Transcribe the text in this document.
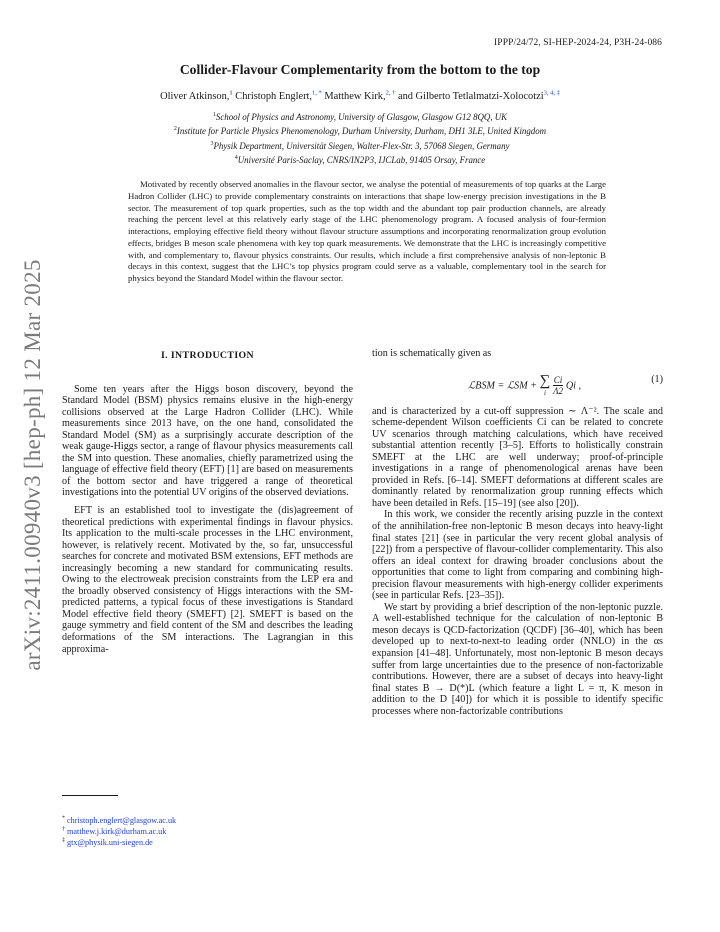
IPPP/24/72, SI-HEP-2024-24, P3H-24-086
arXiv:2411.00940v3 [hep-ph] 12 Mar 2025
Collider-Flavour Complementarity from the bottom to the top
Oliver Atkinson,$^1$ Christoph Englert,$^{1, *}$ Matthew Kirk,$^{2, \dagger}$ and Gilberto Tetlalmatzi-Xolocotzi$^{3, 4, \ddagger}$
$^1$School of Physics and Astronomy, University of Glasgow, Glasgow G12 8QQ, UK
$^2$Institute for Particle Physics Phenomenology, Durham University, Durham, DH1 3LE, United Kingdom
$^3$Physik Department, Universität Siegen, Walter-Flex-Str. 3, 57068 Siegen, Germany
$^4$Université Paris-Saclay, CNRS/IN2P3, IJCLab, 91405 Orsay, France
Motivated by recently observed anomalies in the flavour sector, we analyse the potential of measurements of top quarks at the Large Hadron Collider (LHC) to provide complementary constraints on interactions that shape low-energy precision investigations in the B sector. The measurement of top quark properties, such as the top width and the abundant top pair production channels, are already reaching the percent level at this relatively early stage of the LHC phenomenology program. A focused analysis of four-fermion interactions, employing effective field theory without flavour structure assumptions and incorporating renormalization group evolution effects, bridges B meson scale phenomena with key top quark measurements. We demonstrate that the LHC is increasingly competitive with, and complementary to, flavour physics constraints. Our results, which include a first comprehensive analysis of non-leptonic B decays in this context, suggest that the LHC’s top physics program could serve as a valuable, complementary tool in the search for physics beyond the Standard Model within the flavour sector.
I. INTRODUCTION

Some ten years after the Higgs boson discovery, beyond the Standard Model (BSM) physics remains elusive in the high-energy collisions observed at the Large Hadron Collider (LHC). While measurements since 2013 have, on the one hand, consolidated the Standard Model (SM) as a surprisingly accurate description of the weak gauge-Higgs sector, a range of flavour physics measurements call the SM into question. These anomalies, chiefly parametrized using the language of effective field theory (EFT) [1] are based on measurements of the bottom sector and have triggered a range of theoretical investigations into the potential UV origins of the observed deviations.

EFT is an established tool to investigate the (dis)agreement of theoretical predictions with experimental findings in flavour physics. Its application to the multi-scale processes in the LHC environment, however, is relatively recent. Motivated by the, so far, unsuccessful searches for concrete and motivated BSM extensions, EFT methods are increasingly becoming a new standard for communicating results. Owing to the electroweak precision constraints from the LEP era and the broadly observed consistency of Higgs interactions with the SM-predicted patterns, a typical focus of these investigations is Standard Model effective field theory (SMEFT) [2]. SMEFT is based on the gauge symmetry and field content of the SM and describes the leading deformations of the SM interactions. The Lagrangian in this approxima-

tion is schematically given as

ℒBSM = ℒSM + ∑
i
$\frac{Ci}{\Lambda 2}$ Qi ,
(1)

and is characterized by a cut-off suppression ∼ Λ⁻². The scale and scheme-dependent Wilson coefficients Ci can be related to concrete UV scenarios through matching calculations, which have received substantial attention recently [3–5]. Efforts to holistically constrain SMEFT at the LHC are well underway; proof-of-principle investigations in a range of phenomenological arenas have been provided in Refs. [6–14]. SMEFT deformations at different scales are dominantly related by renormalization group running effects which have been detailed in Refs. [15–19] (see also [20]).

In this work, we consider the recently arising puzzle in the context of the annihilation-free non-leptonic B meson decays into heavy-light final states [21] (see in particular the very recent global analysis of [22]) from a perspective of flavour-collider complementarity. This also offers an ideal context for drawing broader conclusions about the opportunities that come to light from comparing and combining high-precision flavour measurements with high-energy collider experiments (see in particular Refs. [23–35]).

We start by providing a brief description of the non-leptonic puzzle. A well-established technique for the calculation of non-leptonic B meson decays is QCD-factorization (QCDF) [36–40], which has been developed up to next-to-next-to leading order (NNLO) in the αs expansion [41–48]. Unfortunately, most non-leptonic B meson decays suffer from large uncertainties due to the presence of non-factorizable contributions. However, there are a subset of decays into heavy-light final states B → D(*)L (which feature a light L = π, K meson in addition to the D [40]) for which it is possible to identify specific processes where non-factorizable contributions

* christoph.englert@glasgow.ac.uk
† matthew.j.kirk@durham.ac.uk
‡ gtx@physik.uni-siegen.de
